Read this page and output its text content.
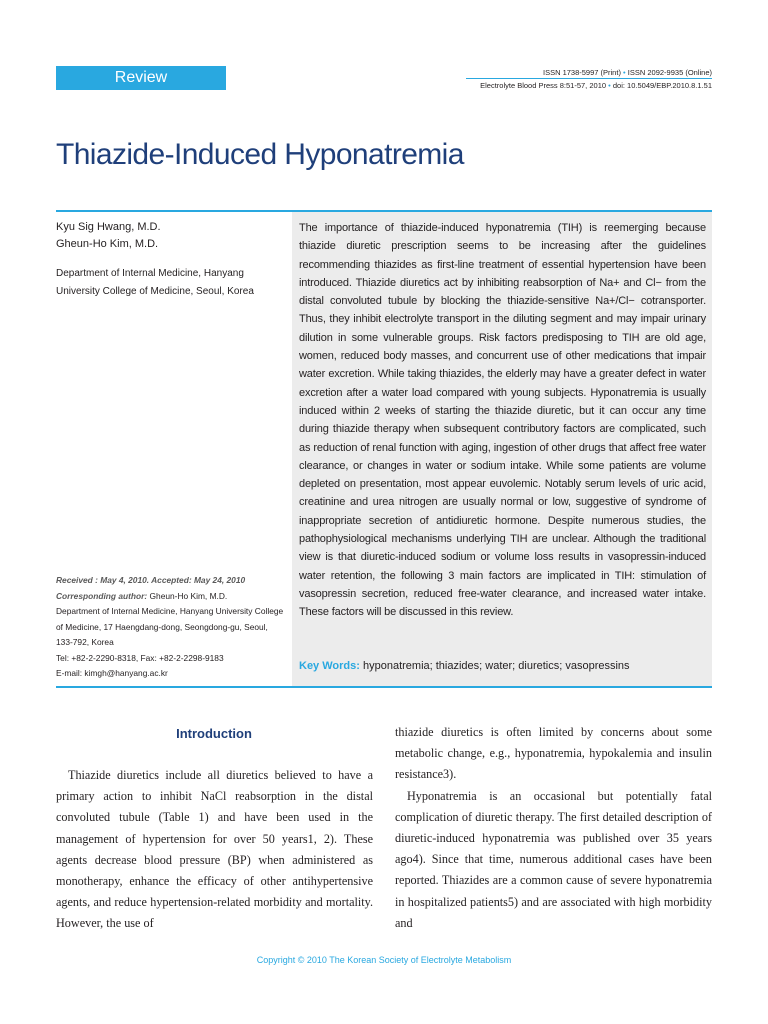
Review	ISSN 1738-5997 (Print) • ISSN 2092-9935 (Online)
Electrolyte Blood Press 8:51-57, 2010 • doi: 10.5049/EBP.2010.8.1.51
Thiazide-Induced Hyponatremia
Kyu Sig Hwang, M.D.
Gheun-Ho Kim, M.D.
Department of Internal Medicine, Hanyang University College of Medicine, Seoul, Korea
Received : May 4, 2010. Accepted: May 24, 2010
Corresponding author: Gheun-Ho Kim, M.D.
Department of Internal Medicine, Hanyang University College of Medicine, 17 Haengdang-dong, Seongdong-gu, Seoul, 133-792, Korea
Tel: +82-2-2290-8318, Fax: +82-2-2298-9183
E-mail: kimgh@hanyang.ac.kr
The importance of thiazide-induced hyponatremia (TIH) is reemerging because thiazide diuretic prescription seems to be increasing after the guidelines recommending thiazides as first-line treatment of essential hypertension have been introduced. Thiazide diuretics act by inhibiting reabsorption of Na+ and Cl− from the distal convoluted tubule by blocking the thiazide-sensitive Na+/Cl− cotransporter. Thus, they inhibit electrolyte transport in the diluting segment and may impair urinary dilution in some vulnerable groups. Risk factors predisposing to TIH are old age, women, reduced body masses, and concurrent use of other medications that impair water excretion. While taking thiazides, the elderly may have a greater defect in water excretion after a water load compared with young subjects. Hyponatremia is usually induced within 2 weeks of starting the thiazide diuretic, but it can occur any time during thiazide therapy when subsequent contributory factors are complicated, such as reduction of renal function with aging, ingestion of other drugs that affect free water clearance, or changes in water or sodium intake. While some patients are volume depleted on presentation, most appear euvolemic. Notably serum levels of uric acid, creatinine and urea nitrogen are usually normal or low, suggestive of syndrome of inappropriate secretion of antidiuretic hormone. Despite numerous studies, the pathophysiological mechanisms underlying TIH are unclear. Although the traditional view is that diuretic-induced sodium or volume loss results in vasopressin-induced water retention, the following 3 main factors are implicated in TIH: stimulation of vasopressin secretion, reduced free-water clearance, and increased water intake. These factors will be discussed in this review.
Key Words: hyponatremia; thiazides; water; diuretics; vasopressins
Introduction

Thiazide diuretics include all diuretics believed to have a primary action to inhibit NaCl reabsorption in the distal convoluted tubule (Table 1) and have been used in the management of hypertension for over 50 years1, 2). These agents decrease blood pressure (BP) when administered as monotherapy, enhance the efficacy of other antihypertensive agents, and reduce hypertension-related morbidity and mortality. However, the use of

thiazide diuretics is often limited by concerns about some metabolic change, e.g., hyponatremia, hypokalemia and insulin resistance3).

Hyponatremia is an occasional but potentially fatal complication of diuretic therapy. The first detailed description of diuretic-induced hyponatremia was published over 35 years ago4). Since that time, numerous additional cases have been reported. Thiazides are a common cause of severe hyponatremia in hospitalized patients5) and are associated with high morbidity and

Copyright © 2010 The Korean Society of Electrolyte Metabolism
